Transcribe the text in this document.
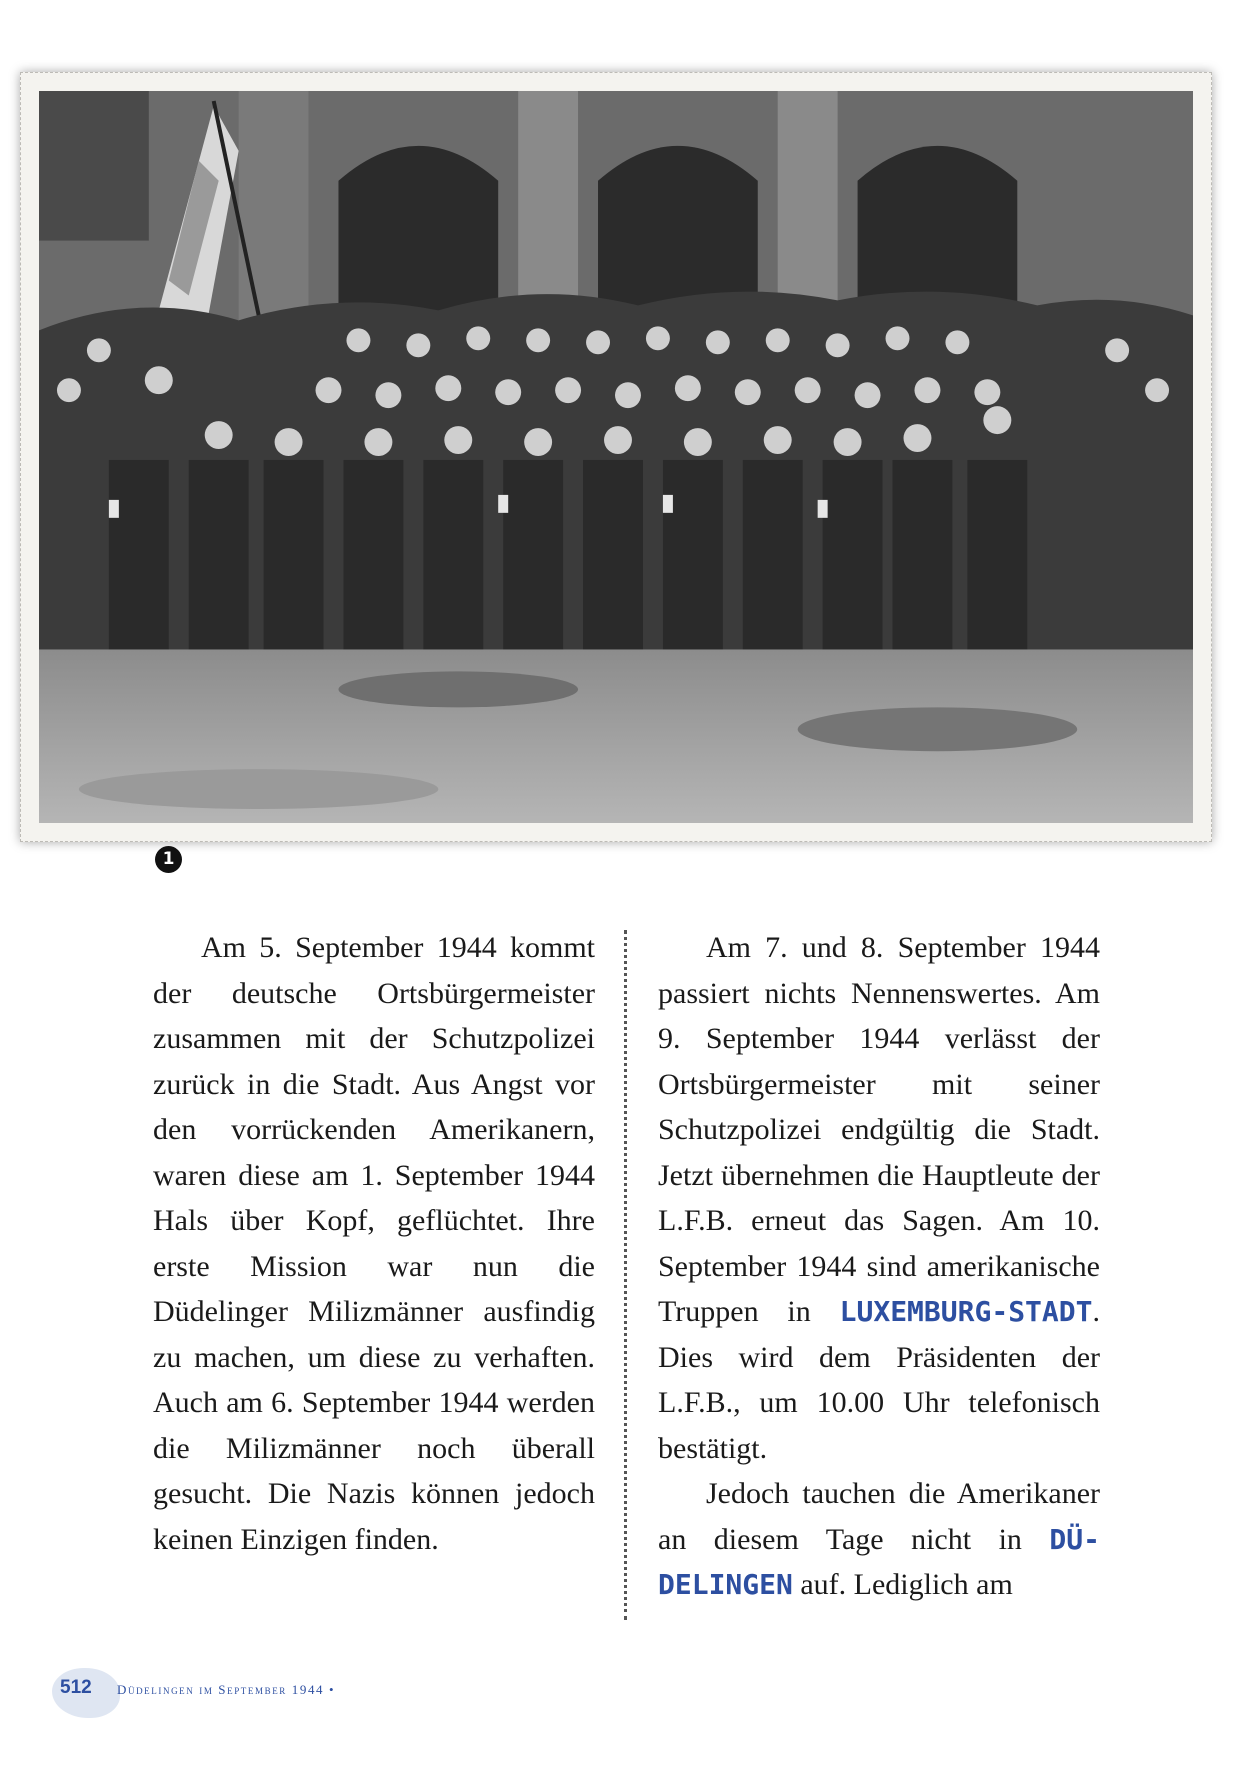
1

Am 5. September 1944 kommt der deutsche Ortsbürgermeister zusammen mit der Schutzpolizei zurück in die Stadt. Aus Angst vor den vorrückenden Amerikanern, waren diese am 1. September 1944 Hals über Kopf, geflüchtet. Ihre erste Mission war nun die Düdelinger Milizmänner ausfindig zu machen, um diese zu verhaften. Auch am 6. September 1944 werden die Milizmänner noch überall gesucht. Die Nazis können jedoch keinen Einzigen finden.

Am 7. und 8. September 1944 passiert nichts Nennenswertes. Am 9. September 1944 verlässt der Ortsbürgermeister mit seiner Schutzpolizei endgültig die Stadt. Jetzt übernehmen die Hauptleute der L.F.B. erneut das Sagen. Am 10. September 1944 sind amerikanische Truppen in LUXEMBURG-STADT. Dies wird dem Präsidenten der L.F.B., um 10.00 Uhr telefonisch bestätigt.

Jedoch tauchen die Amerikaner an diesem Tage nicht in DÜDELINGEN auf. Lediglich am

512 Düdelingen im September 1944 •
